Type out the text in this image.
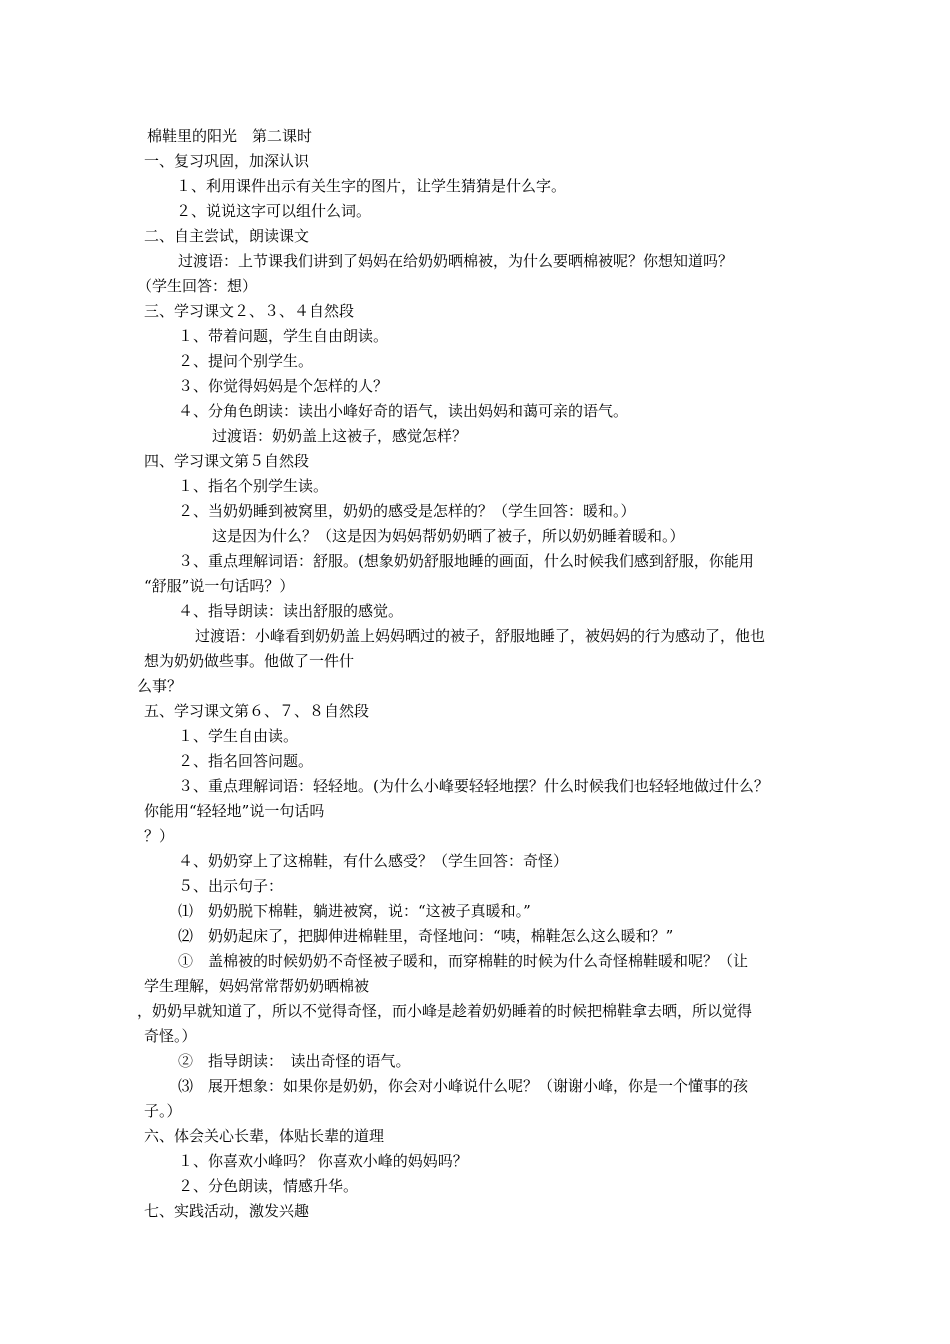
棉鞋里的阳光　第二课时
一、复习巩固，加深认识
１、利用课件出示有关生字的图片，让学生猜猜是什么字。
２、说说这字可以组什么词。
二、自主尝试，朗读课文
过渡语：上节课我们讲到了妈妈在给奶奶晒棉被，为什么要晒棉被呢？你想知道吗？
（学生回答：想）
三、学习课文２、３、４自然段
１、带着问题，学生自由朗读。
２、提问个别学生。
３、你觉得妈妈是个怎样的人？
４、分角色朗读：读出小峰好奇的语气，读出妈妈和蔼可亲的语气。
过渡语：奶奶盖上这被子，感觉怎样？
四、学习课文第５自然段
１、指名个别学生读。
２、当奶奶睡到被窝里，奶奶的感受是怎样的？（学生回答：暖和。）
这是因为什么？（这是因为妈妈帮奶奶晒了被子，所以奶奶睡着暖和。）
３、重点理解词语：舒服。(想象奶奶舒服地睡的画面，什么时候我们感到舒服，你能用
“舒服”说一句话吗？）
４、指导朗读：读出舒服的感觉。
过渡语：小峰看到奶奶盖上妈妈晒过的被子，舒服地睡了，被妈妈的行为感动了，他也
想为奶奶做些事。他做了一件什
么事？
五、学习课文第６、７、８自然段
１、学生自由读。
２、指名回答问题。
３、重点理解词语：轻轻地。(为什么小峰要轻轻地摆？什么时候我们也轻轻地做过什么？
你能用“轻轻地”说一句话吗
？）
４、奶奶穿上了这棉鞋，有什么感受？（学生回答：奇怪）
５、出示句子：
⑴　奶奶脱下棉鞋，躺进被窝，说：“这被子真暖和。”
⑵　奶奶起床了，把脚伸进棉鞋里，奇怪地问：“咦，棉鞋怎么这么暖和？”
①　盖棉被的时候奶奶不奇怪被子暖和，而穿棉鞋的时候为什么奇怪棉鞋暖和呢？（让
学生理解，妈妈常常帮奶奶晒棉被
，奶奶早就知道了，所以不觉得奇怪，而小峰是趁着奶奶睡着的时候把棉鞋拿去晒，所以觉得
奇怪。）
②　指导朗读：　读出奇怪的语气。
⑶　展开想象：如果你是奶奶，你会对小峰说什么呢？（谢谢小峰，你是一个懂事的孩
子。）
六、体会关心长辈，体贴长辈的道理
１、你喜欢小峰吗？ 你喜欢小峰的妈妈吗？
２、分色朗读，情感升华。
七、实践活动，激发兴趣
